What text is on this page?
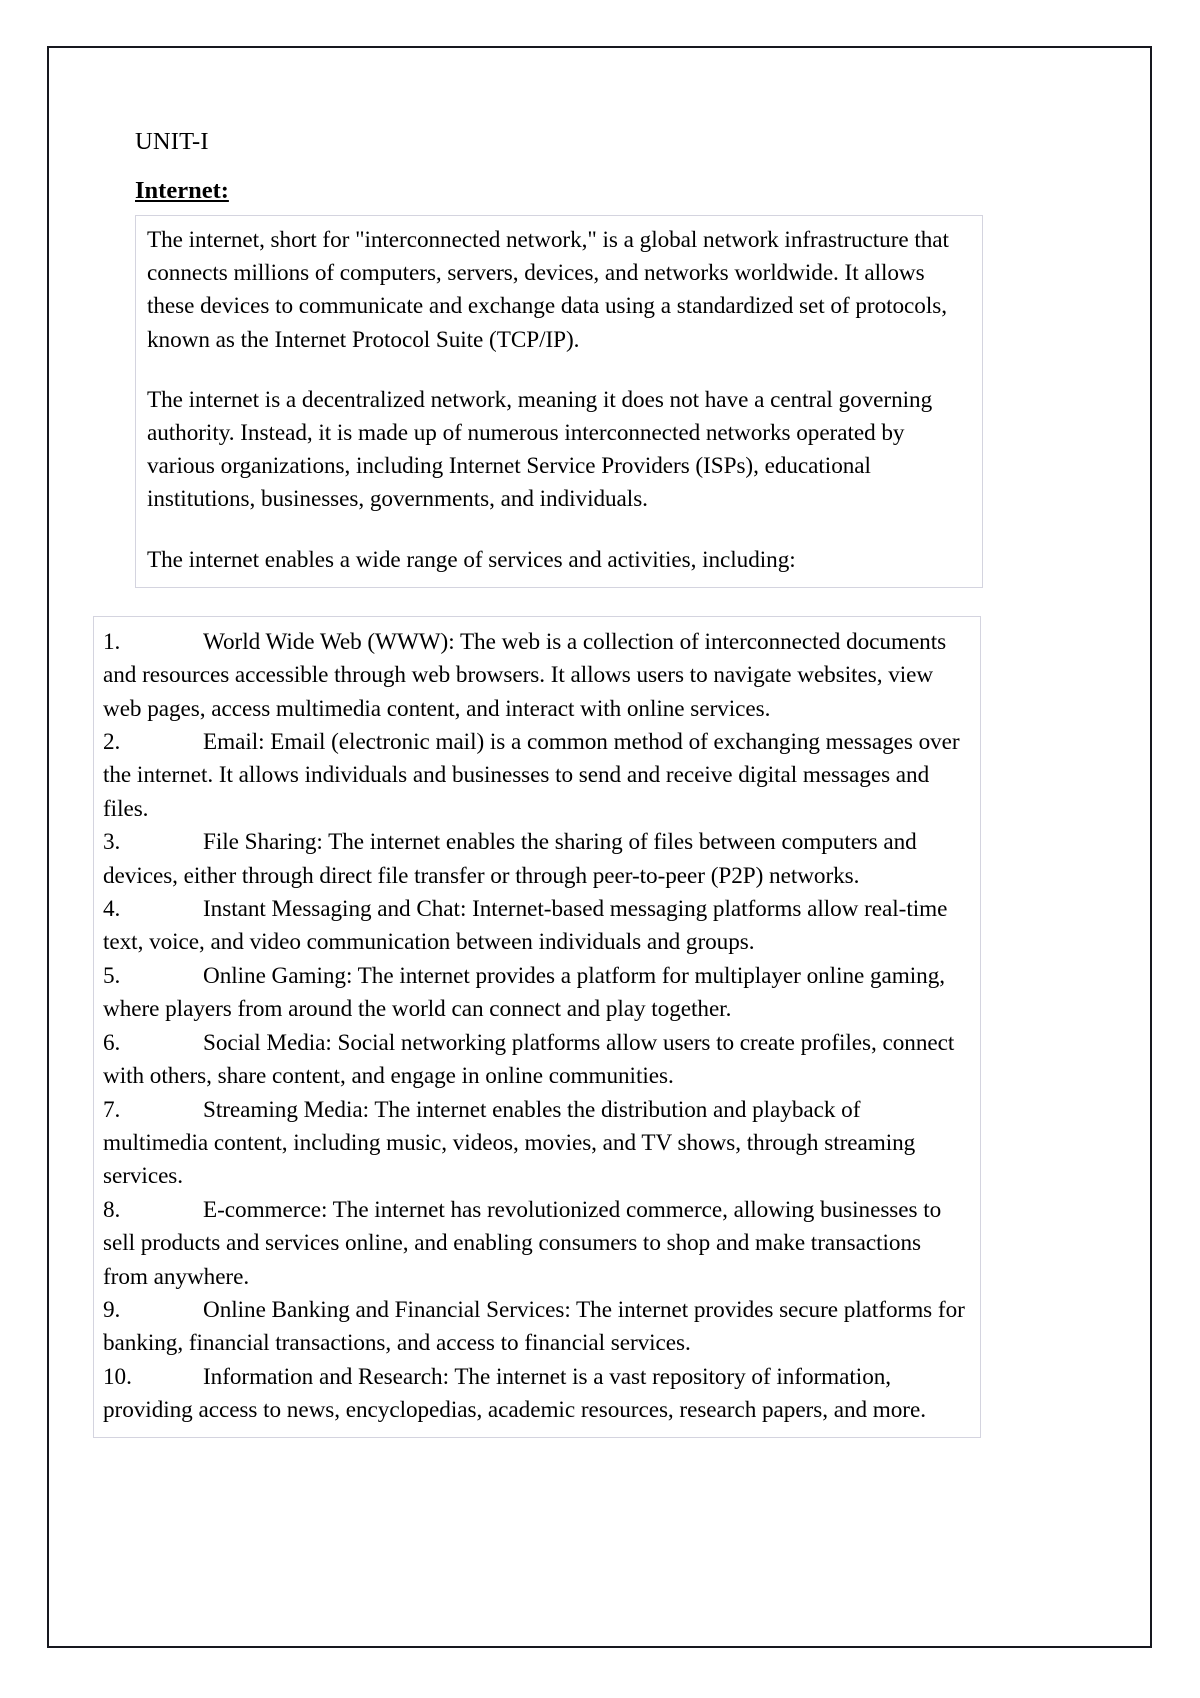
UNIT-I
Internet:

The internet, short for "interconnected network," is a global network infrastructure that connects millions of computers, servers, devices, and networks worldwide. It allows these devices to communicate and exchange data using a standardized set of protocols, known as the Internet Protocol Suite (TCP/IP).

The internet is a decentralized network, meaning it does not have a central governing authority. Instead, it is made up of numerous interconnected networks operated by various organizations, including Internet Service Providers (ISPs), educational institutions, businesses, governments, and individuals.

The internet enables a wide range of services and activities, including:

1.	World Wide Web (WWW): The web is a collection of interconnected documents and resources accessible through web browsers. It allows users to navigate websites, view web pages, access multimedia content, and interact with online services.
2.	Email: Email (electronic mail) is a common method of exchanging messages over the internet. It allows individuals and businesses to send and receive digital messages and files.
3.	File Sharing: The internet enables the sharing of files between computers and devices, either through direct file transfer or through peer-to-peer (P2P) networks.
4.	Instant Messaging and Chat: Internet-based messaging platforms allow real-time text, voice, and video communication between individuals and groups.
5.	Online Gaming: The internet provides a platform for multiplayer online gaming, where players from around the world can connect and play together.
6.	Social Media: Social networking platforms allow users to create profiles, connect with others, share content, and engage in online communities.
7.	Streaming Media: The internet enables the distribution and playback of multimedia content, including music, videos, movies, and TV shows, through streaming services.
8.	E-commerce: The internet has revolutionized commerce, allowing businesses to sell products and services online, and enabling consumers to shop and make transactions from anywhere.
9.	Online Banking and Financial Services: The internet provides secure platforms for banking, financial transactions, and access to financial services.
10.	Information and Research: The internet is a vast repository of information, providing access to news, encyclopedias, academic resources, research papers, and more.
